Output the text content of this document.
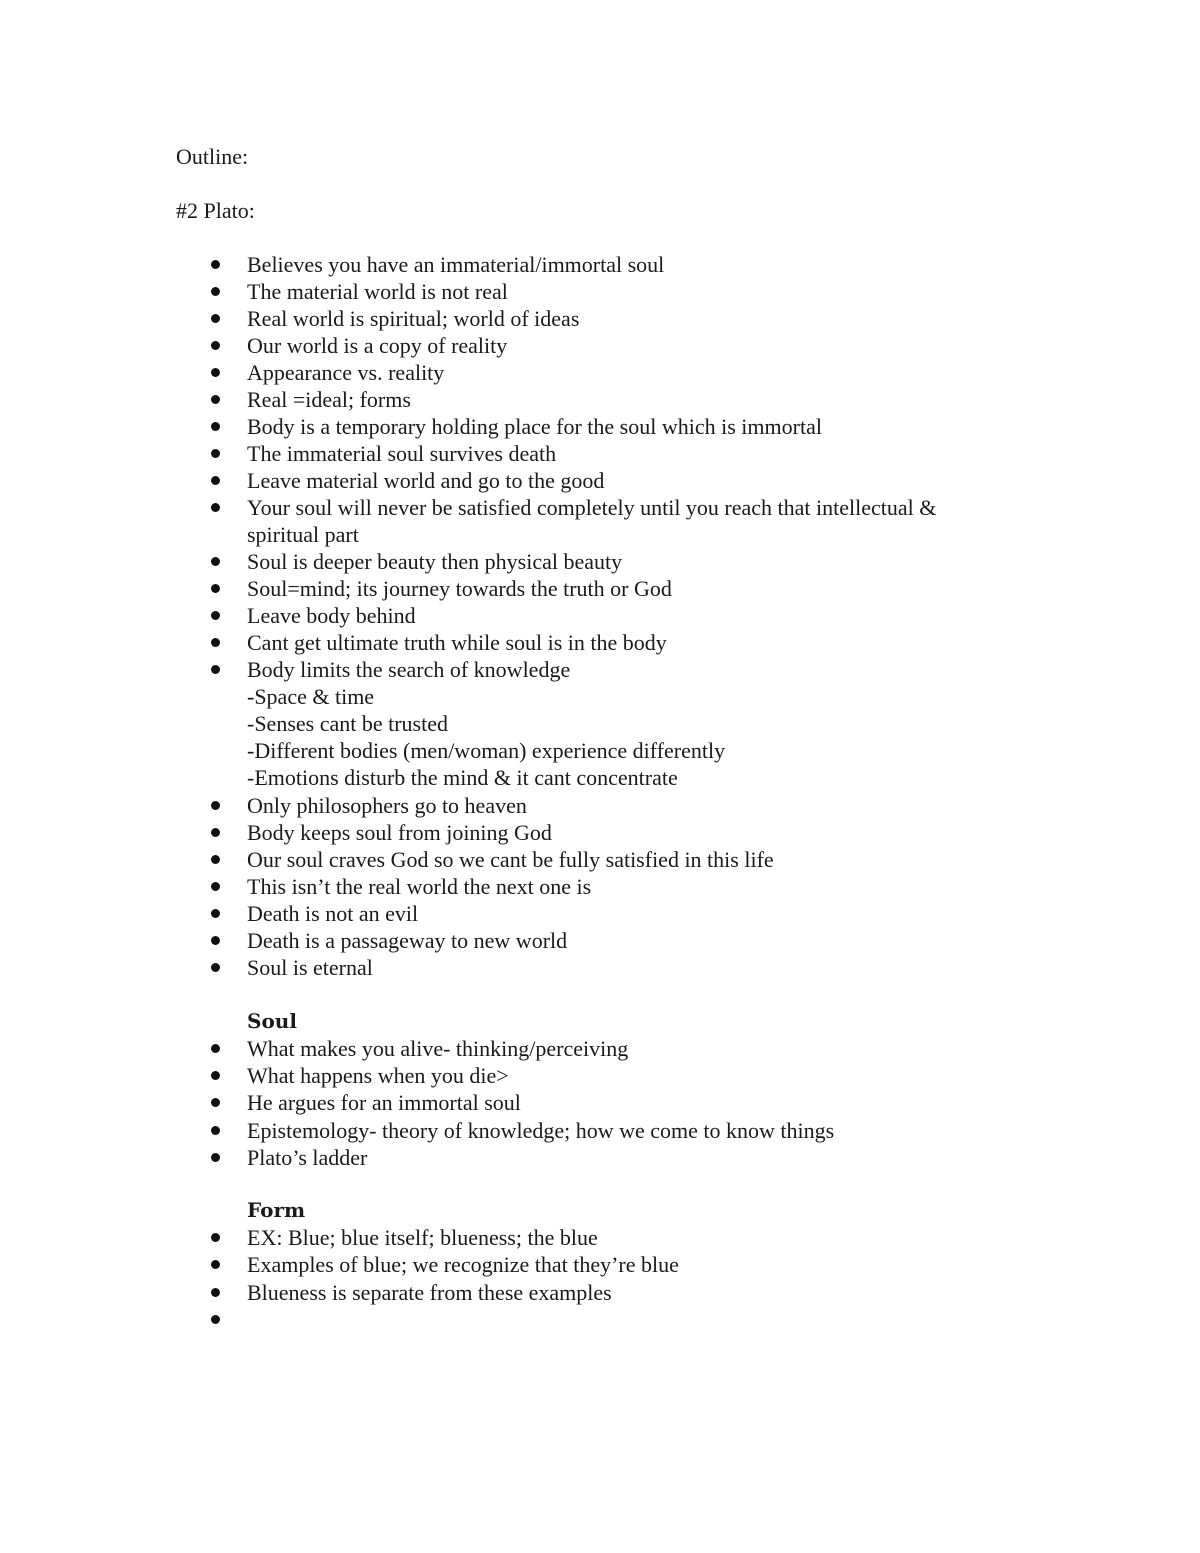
Outline:
#2 Plato:
Believes you have an immaterial/immortal soul
The material world is not real
Real world is spiritual; world of ideas
Our world is a copy of reality
Appearance vs. reality
Real =ideal; forms
Body is a temporary holding place for the soul which is immortal
The immaterial soul survives death
Leave material world and go to the good
Your soul will never be satisfied completely until you reach that intellectual &
spiritual part
Soul is deeper beauty then physical beauty
Soul=mind; its journey towards the truth or God
Leave body behind
Cant get ultimate truth while soul is in the body
Body limits the search of knowledge
-Space & time
-Senses cant be trusted
-Different bodies (men/woman) experience differently
-Emotions disturb the mind & it cant concentrate
Only philosophers go to heaven
Body keeps soul from joining God
Our soul craves God so we cant be fully satisfied in this life
This isn’t the real world the next one is
Death is not an evil
Death is a passageway to new world
Soul is eternal
Soul
What makes you alive- thinking/perceiving
What happens when you die>
He argues for an immortal soul
Epistemology- theory of knowledge; how we come to know things
Plato’s ladder
Form
EX: Blue; blue itself; blueness; the blue
Examples of blue; we recognize that they’re blue
Blueness is separate from these examples
